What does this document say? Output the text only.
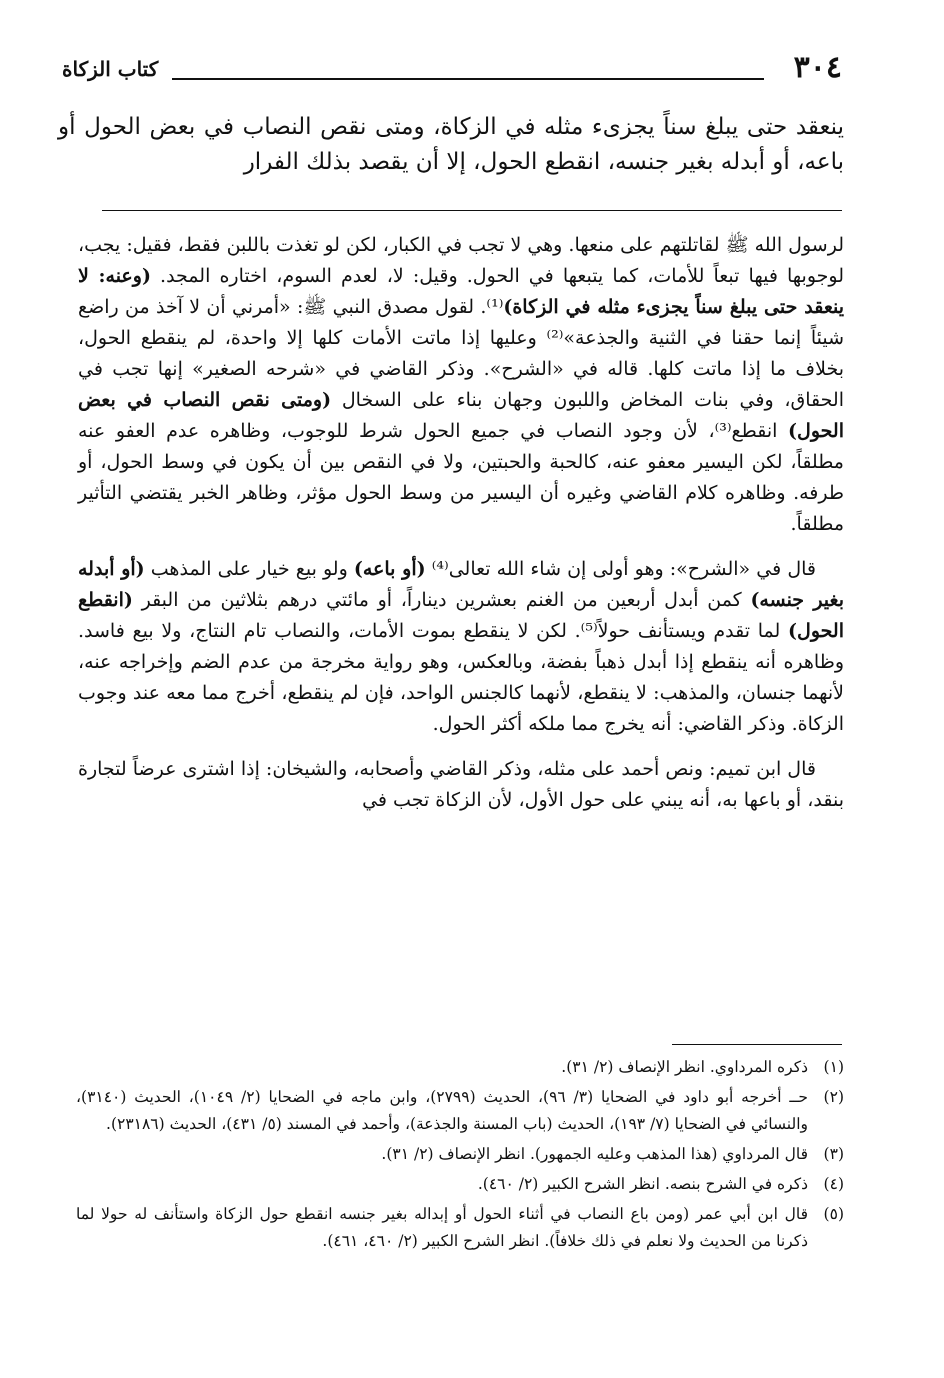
٣٠٤
كتاب الزكاة

ينعقد حتى يبلغ سناً يجزىء مثله في الزكاة، ومتى نقص النصاب في بعض الحول أو باعه، أو أبدله بغير جنسه، انقطع الحول، إلا أن يقصد بذلك الفرار

لرسول الله ﷺ لقاتلتهم على منعها. وهي لا تجب في الكبار، لكن لو تغذت باللبن فقط، فقيل: يجب، لوجوبها فيها تبعاً للأمات، كما يتبعها في الحول. وقيل: لا، لعدم السوم، اختاره المجد. (وعنه: لا ينعقد حتى يبلغ سناً يجزىء مثله في الزكاة)⁽¹⁾. لقول مصدق النبي ﷺ: «أمرني أن لا آخذ من راضع شيئاً إنما حقنا في الثنية والجذعة»⁽²⁾ وعليها إذا ماتت الأمات كلها إلا واحدة، لم ينقطع الحول، بخلاف ما إذا ماتت كلها. قاله في «الشرح». وذكر القاضي في «شرحه الصغير» إنها تجب في الحقاق، وفي بنات المخاض واللبون وجهان بناء على السخال (ومتى نقص النصاب في بعض الحول) انقطع⁽³⁾، لأن وجود النصاب في جميع الحول شرط للوجوب، وظاهره عدم العفو عنه مطلقاً، لكن اليسير معفو عنه، كالحبة والحبتين، ولا في النقص بين أن يكون في وسط الحول، أو طرفه. وظاهره كلام القاضي وغيره أن اليسير من وسط الحول مؤثر، وظاهر الخبر يقتضي التأثير مطلقاً.

قال في «الشرح»: وهو أولى إن شاء الله تعالى⁽⁴⁾ (أو باعه) ولو بيع خيار على المذهب (أو أبدله بغير جنسه) كمن أبدل أربعين من الغنم بعشرين ديناراً، أو مائتي درهم بثلاثين من البقر (انقطع الحول) لما تقدم ويستأنف حولاً⁽⁵⁾. لكن لا ينقطع بموت الأمات، والنصاب تام النتاج، ولا بيع فاسد. وظاهره أنه ينقطع إذا أبدل ذهباً بفضة، وبالعكس، وهو رواية مخرجة من عدم الضم وإخراجه عنه، لأنهما جنسان، والمذهب: لا ينقطع، لأنهما كالجنس الواحد، فإن لم ينقطع، أخرج مما معه عند وجوب الزكاة. وذكر القاضي: أنه يخرج مما ملكه أكثر الحول.

قال ابن تميم: ونص أحمد على مثله، وذكر القاضي وأصحابه، والشيخان: إذا اشترى عرضاً لتجارة بنقد، أو باعها به، أنه يبني على حول الأول، لأن الزكاة تجب في

(١)
ذكره المرداوي. انظر الإنصاف (٢/ ٣١).
(٢)
حــ أخرجه أبو داود في الضحايا (٣/ ٩٦)، الحديث (٢٧٩٩)، وابن ماجه في الضحايا (٢/ ١٠٤٩)، الحديث (٣١٤٠)، والنسائي في الضحايا (٧/ ١٩٣)، الحديث (باب المسنة والجذعة)، وأحمد في المسند (٥/ ٤٣١)، الحديث (٢٣١٨٦).
(٣)
قال المرداوي (هذا المذهب وعليه الجمهور). انظر الإنصاف (٢/ ٣١).
(٤)
ذكره في الشرح بنصه. انظر الشرح الكبير (٢/ ٤٦٠).
(٥)
قال ابن أبي عمر (ومن باع النصاب في أثناء الحول أو إبداله بغير جنسه انقطع حول الزكاة واستأنف له حولا لما ذكرنا من الحديث ولا نعلم في ذلك خلافاً). انظر الشرح الكبير (٢/ ٤٦٠، ٤٦١).
